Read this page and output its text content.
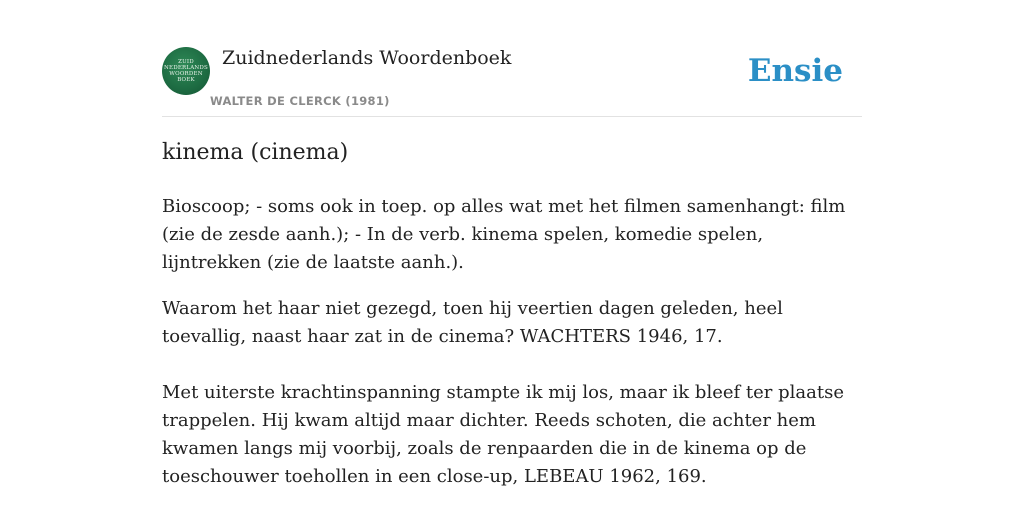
ZUID
NEDERLANDS
WOORDEN
BOEK
Zuidnederlands Woordenboek
WALTER DE CLERCK (1981)
Ensie
kinema (cinema)

Bioscoop; - soms ook in toep. op alles wat met het filmen samenhangt: film (zie de zesde aanh.); - In de verb. kinema spelen, komedie spelen, lijntrekken (zie de laatste aanh.).

Waarom het haar niet gezegd, toen hij veertien dagen geleden, heel toevallig, naast haar zat in de cinema? WACHTERS 1946, 17.

Met uiterste krachtinspanning stampte ik mij los, maar ik bleef ter plaatse trappelen. Hij kwam altijd maar dichter. Reeds schoten, die achter hem kwamen langs mij voorbij, zoals de renpaarden die in de kinema op de toeschouwer toehollen in een close-up, LEBEAU 1962, 169.
